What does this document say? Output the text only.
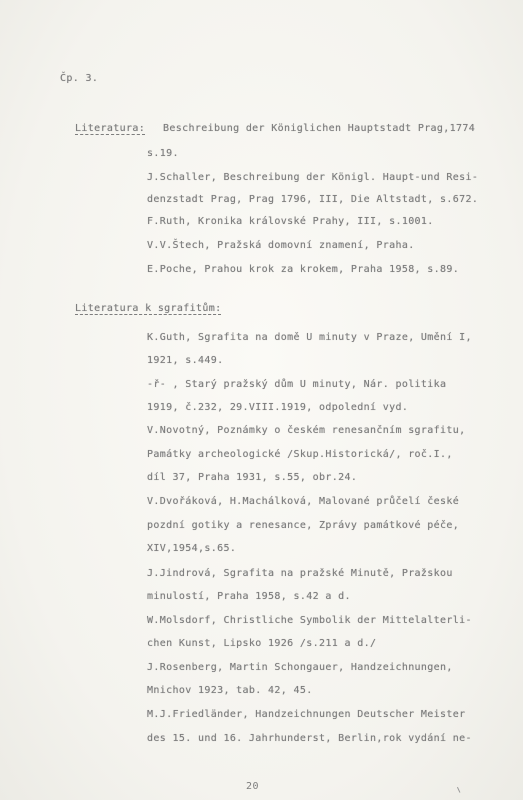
Čp. 3.
Literatura: Beschreibung der Königlichen Hauptstadt Prag,1774
s.19.
J.Schaller, Beschreibung der Königl. Haupt-und Resi-
denzstadt Prag, Prag 1796, III, Die Altstadt, s.672.
F.Ruth, Kronika královské Prahy, III, s.1001.
V.V.Štech, Pražská domovní znamení, Praha.
E.Poche, Prahou krok za krokem, Praha 1958, s.89.
Literatura k sgrafitům:
K.Guth, Sgrafita na domě U minuty v Praze, Umění I,
1921, s.449.
-ř- , Starý pražský dům U minuty, Nár. politika
1919, č.232, 29.VIII.1919, odpolední vyd.
V.Novotný, Poznámky o českém renesančním sgrafitu,
Památky archeologické /Skup.Historická/, roč.I.,
díl 37, Praha 1931, s.55, obr.24.
V.Dvořáková, H.Machálková, Malované průčelí české
pozdní gotiky a renesance, Zprávy památkové péče,
XIV,1954,s.65.
J.Jindrová, Sgrafita na pražské Minutě, Pražskou
minulostí, Praha 1958, s.42 a d.
W.Molsdorf, Christliche Symbolik der Mittelalterli-
chen Kunst, Lipsko 1926 /s.211 a d./
J.Rosenberg, Martin Schongauer, Handzeichnungen,
Mnichov 1923, tab. 42, 45.
M.J.Friedländer, Handzeichnungen Deutscher Meister
des 15. und 16. Jahrhunderst, Berlin,rok vydání ne-
20
